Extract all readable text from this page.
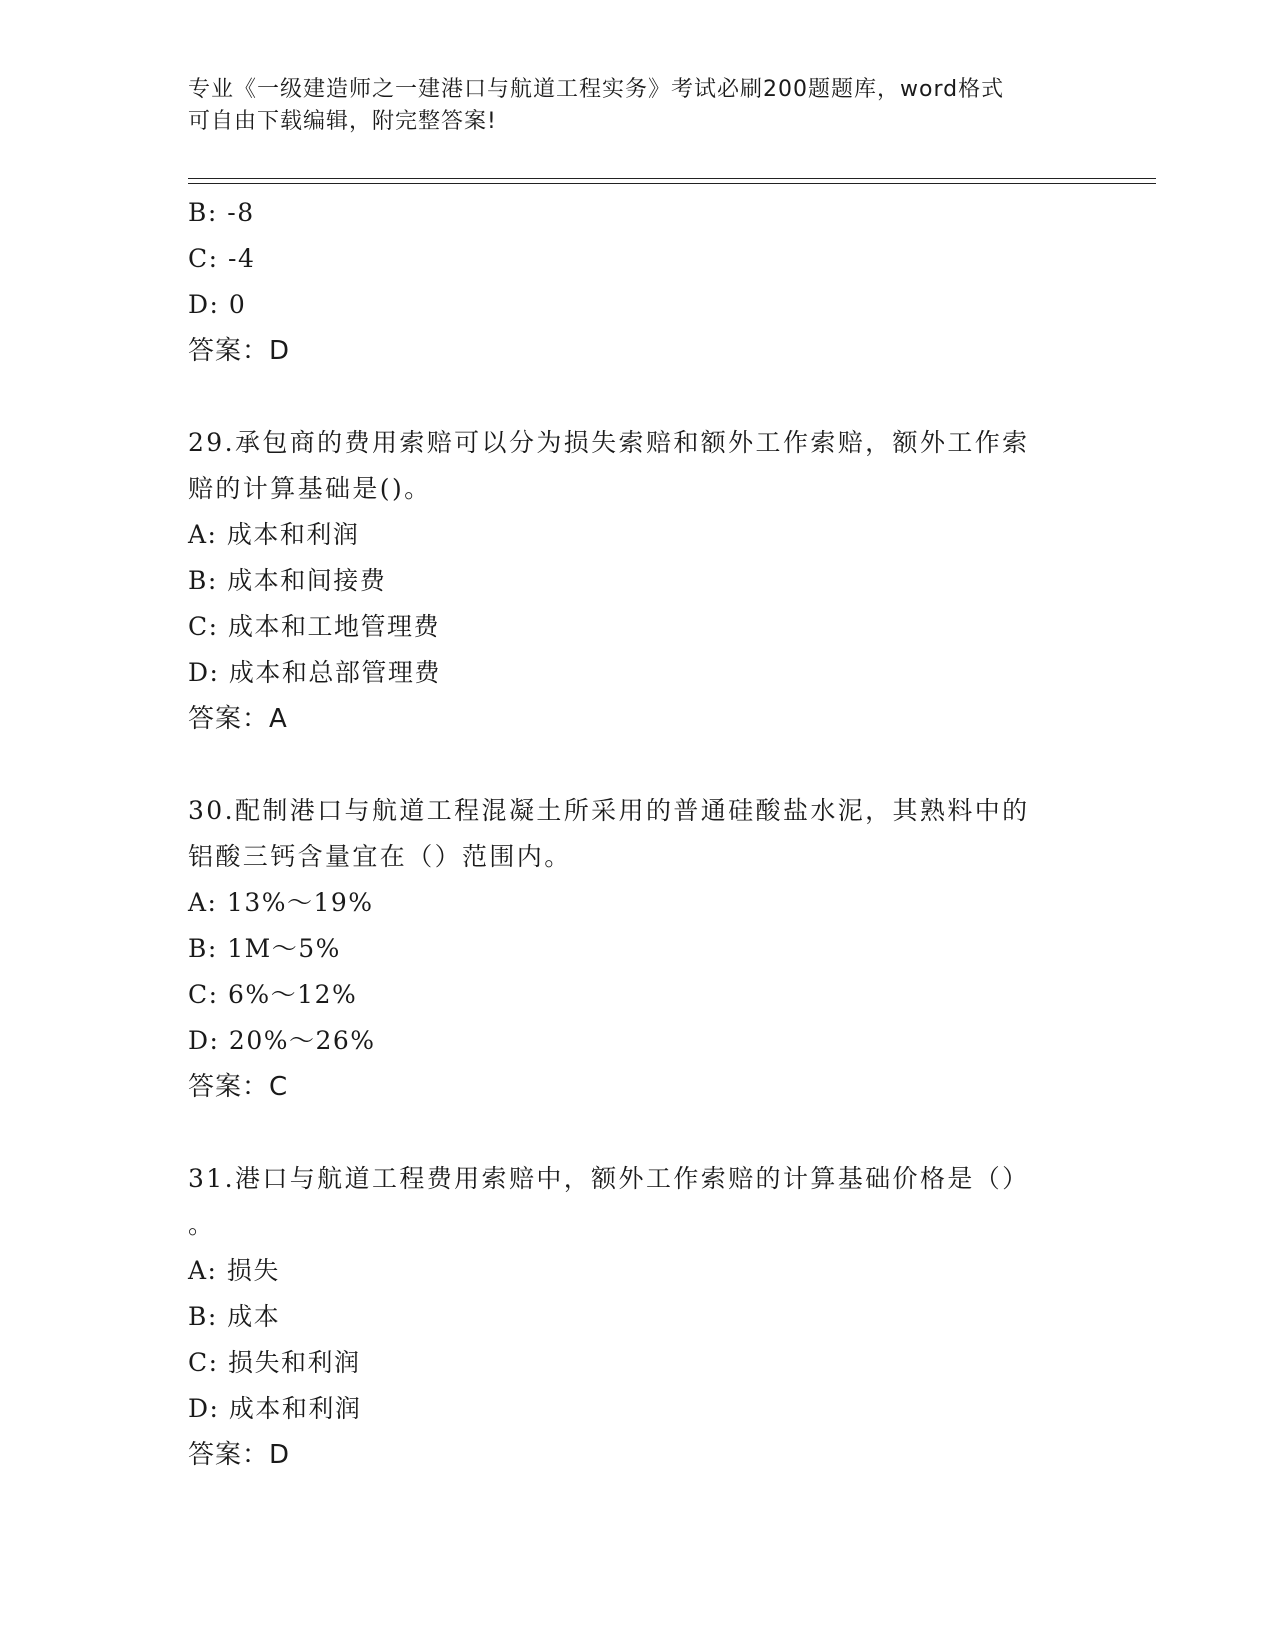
专业《一级建造师之一建港口与航道工程实务》考试必刷200题题库，word格式
可自由下载编辑，附完整答案!
B: -8
C: -4
D: 0
答案：D
29.承包商的费用索赔可以分为损失索赔和额外工作索赔，额外工作索
赔的计算基础是()。
A: 成本和利润
B: 成本和间接费
C: 成本和工地管理费
D: 成本和总部管理费
答案：A
30.配制港口与航道工程混凝土所采用的普通硅酸盐水泥，其熟料中的
铝酸三钙含量宜在（）范围内。
A: 13%～19%
B: 1M～5%
C: 6%～12%
D: 20%～26%
答案：C
31.港口与航道工程费用索赔中，额外工作索赔的计算基础价格是（）
。
A: 损失
B: 成本
C: 损失和利润
D: 成本和利润
答案：D
